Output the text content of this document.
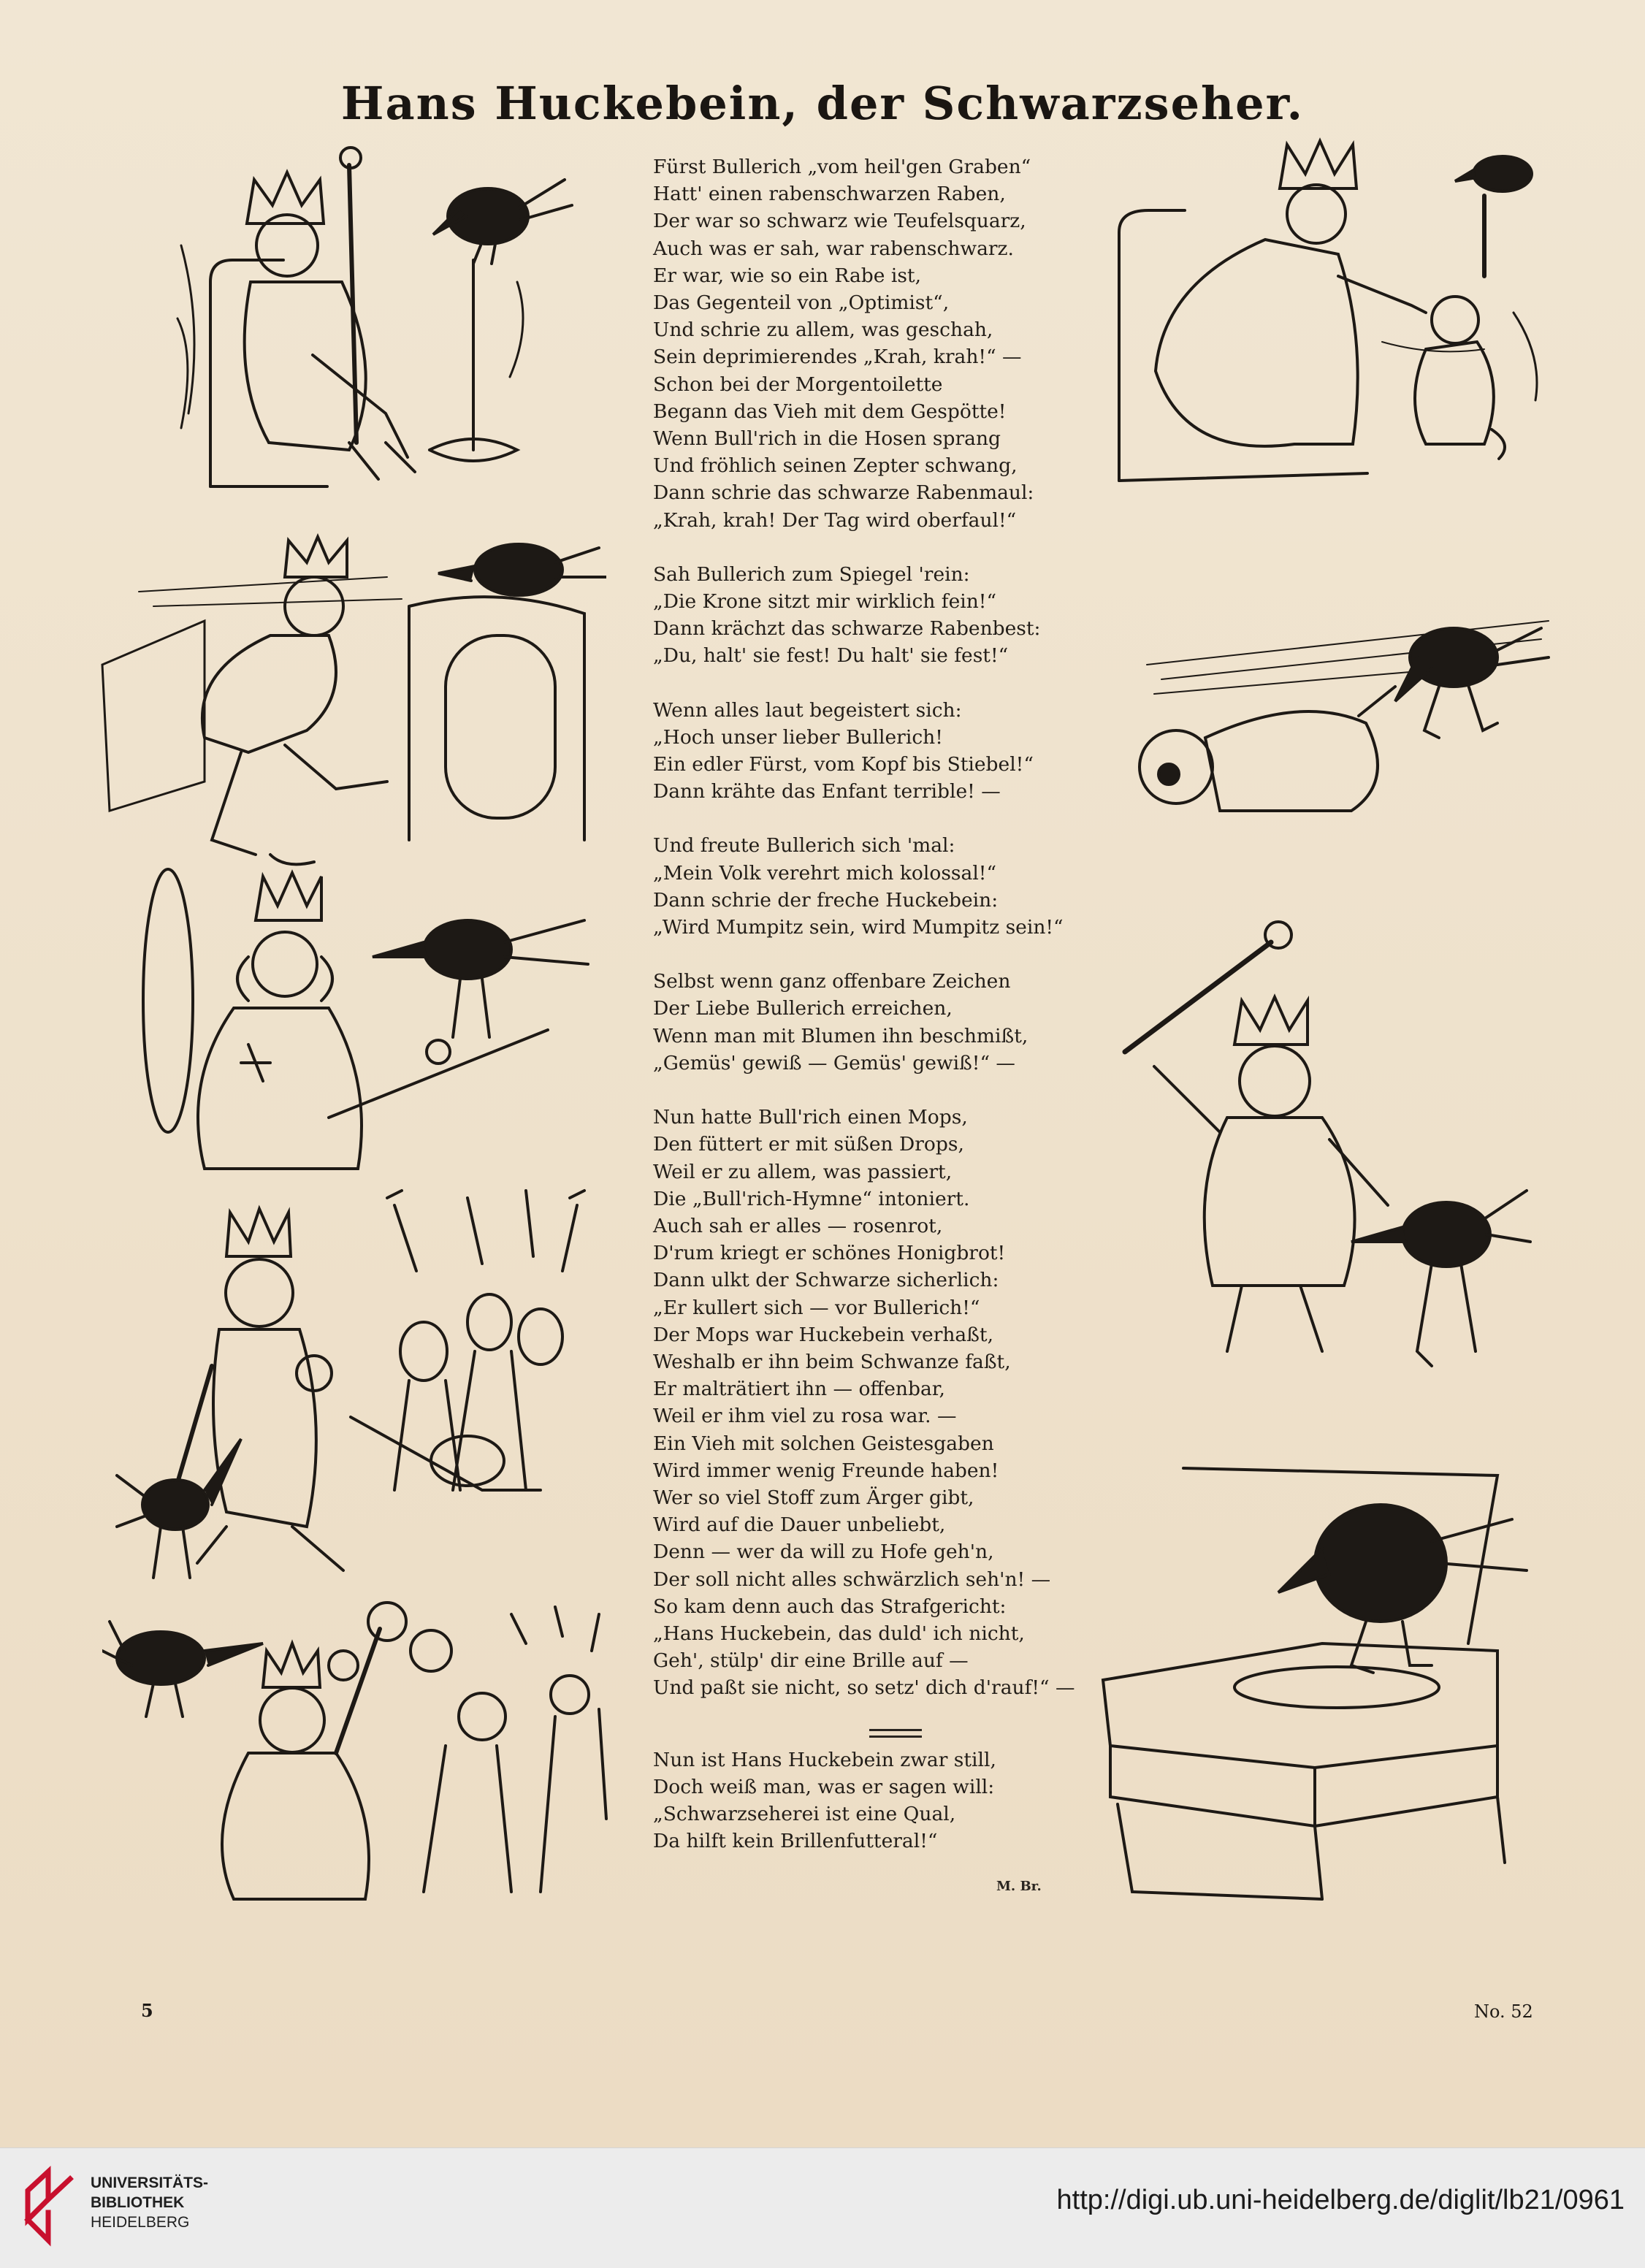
Hans Huckebein, der Schwarzseher.
Fürst Bullerich „vom heil'gen Graben“
Hatt' einen rabenschwarzen Raben,
Der war so schwarz wie Teufelsquarz,
Auch was er sah, war rabenschwarz.
Er war, wie so ein Rabe ist,
Das Gegenteil von „Optimist“,
Und schrie zu allem, was geschah,
Sein deprimierendes „Krah, krah!“ —
Schon bei der Morgentoilette
Begann das Vieh mit dem Gespötte!
Wenn Bull'rich in die Hosen sprang
Und fröhlich seinen Zepter schwang,
Dann schrie das schwarze Rabenmaul:
„Krah, krah! Der Tag wird oberfaul!“
Sah Bullerich zum Spiegel 'rein:
„Die Krone sitzt mir wirklich fein!“
Dann krächzt das schwarze Rabenbest:
„Du, halt' sie fest! Du halt' sie fest!“
Wenn alles laut begeistert sich:
„Hoch unser lieber Bullerich!
Ein edler Fürst, vom Kopf bis Stiebel!“
Dann krähte das Enfant terrible! —
Und freute Bullerich sich 'mal:
„Mein Volk verehrt mich kolossal!“
Dann schrie der freche Huckebein:
„Wird Mumpitz sein, wird Mumpitz sein!“
Selbst wenn ganz offenbare Zeichen
Der Liebe Bullerich erreichen,
Wenn man mit Blumen ihn beschmißt,
„Gemüs' gewiß — Gemüs' gewiß!“ —
Nun hatte Bull'rich einen Mops,
Den füttert er mit süßen Drops,
Weil er zu allem, was passiert,
Die „Bull'rich-Hymne“ intoniert.
Auch sah er alles — rosenrot,
D'rum kriegt er schönes Honigbrot!
Dann ulkt der Schwarze sicherlich:
„Er kullert sich — vor Bullerich!“
Der Mops war Huckebein verhaßt,
Weshalb er ihn beim Schwanze faßt,
Er malträtiert ihn — offenbar,
Weil er ihm viel zu rosa war. —
Ein Vieh mit solchen Geistesgaben
Wird immer wenig Freunde haben!
Wer so viel Stoff zum Ärger gibt,
Wird auf die Dauer unbeliebt,
Denn — wer da will zu Hofe geh'n,
Der soll nicht alles schwärzlich seh'n! —
So kam denn auch das Strafgericht:
„Hans Huckebein, das duld' ich nicht,
Geh', stülp' dir eine Brille auf —
Und paßt sie nicht, so setz' dich d'rauf!“ —
Nun ist Hans Huckebein zwar still,
Doch weiß man, was er sagen will:
„Schwarzseherei ist eine Qual,
Da hilft kein Brillenfutteral!“
M. Br.
5	No. 52
UNIVERSITÄTS-
BIBLIOTHEK
HEIDELBERG
http://digi.ub.uni-heidelberg.de/diglit/lb21/0961
